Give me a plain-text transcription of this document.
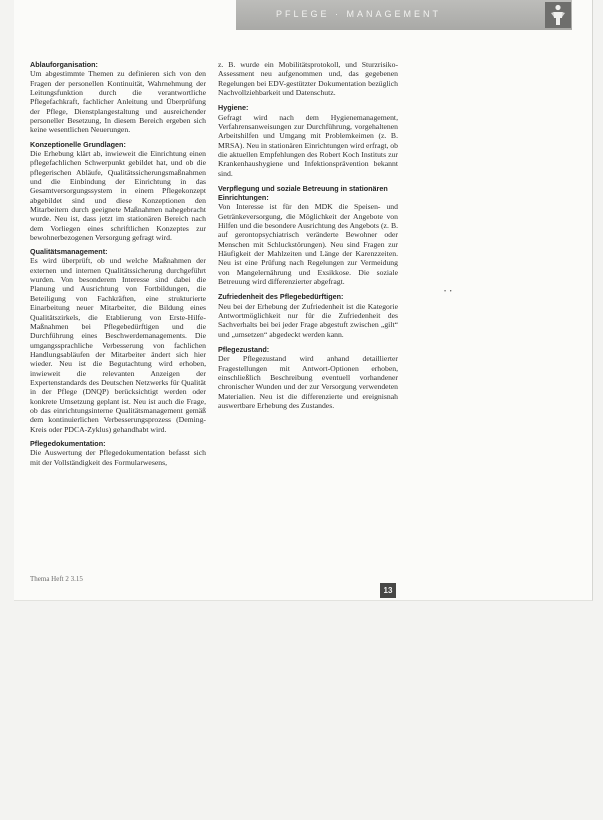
PFLEGE · MANAGEMENT
Ablauforganisation:

Um abgestimmte Themen zu definieren sich von den Fragen der personellen Kontinuität, Wahrnehmung der Leitungsfunktion durch die verantwortliche Pflegefachkraft, fachlicher Anleitung und Überprüfung der Pflege, Dienstplangestaltung und ausreichender personeller Besetzung, In diesem Bereich ergeben sich keine wesentlichen Neuerungen.

Konzeptionelle Grundlagen:

Die Erhebung klärt ab, inwieweit die Einrichtung einen pflegefachlichen Schwerpunkt gebildet hat, und ob die pflegerischen Abläufe, Qualitätssicherungsmaßnahmen und die Einbindung der Einrichtung in das Gesamtversorgungssystem in einem Pflegekonzept abgebildet sind und diese Konzeptionen den Mitarbeitern durch geeignete Maßnahmen nahegebracht wurde. Neu ist, dass jetzt im stationären Bereich nach dem Vorliegen eines schriftlichen Konzeptes zur bewohnerbezogenen Versorgung gefragt wird.

Qualitätsmanagement:

Es wird überprüft, ob und welche Maßnahmen der externen und internen Qualitätssicherung durchgeführt wurden. Von besonderem Interesse sind dabei die Planung und Ausrichtung von Fortbildungen, die Beteiligung von Fachkräften, eine strukturierte Einarbeitung neuer Mitarbeiter, die Bildung eines Qualitätszirkels, die Etablierung von Erste-Hilfe-Maßnahmen bei Pflegebedürftigen und die Durchführung eines Beschwerdemanagements. Die umgangssprachliche Verbesserung von fachlichen Handlungsabläufen der Mitarbeiter ändert sich hier wieder. Neu ist die Begutachtung wird erhoben, inwieweit die relevanten Anzeigen der Expertenstandards des Deutschen Netzwerks für Qualität in der Pflege (DNQP) berücksichtigt werden oder konkrete Umsetzung geplant ist. Neu ist auch die Frage, ob das einrichtungsinterne Qualitätsmanagement gemäß dem kontinuierlichen Verbesserungsprozess (Deming-Kreis oder PDCA-Zyklus) gehandhabt wird.

Pflegedokumentation:

Die Auswertung der Pflegedokumentation befasst sich mit der Vollständigkeit des Formularwesens,

z. B. wurde ein Mobilitätsprotokoll, und Sturzrisiko-Assessment neu aufgenommen und, das gegebenen Regelungen bei EDV-gestützter Dokumentation bezüglich Nachvollziehbarkeit und Datenschutz.

Hygiene:

Gefragt wird nach dem Hygienemanagement, Verfahrensanweisungen zur Durchführung, vorgehaltenen Arbeitshilfen und Umgang mit Problemkeimen (z. B. MRSA). Neu in stationären Einrichtungen wird erfragt, ob die aktuellen Empfehlungen des Robert Koch Instituts zur Krankenhaushygiene und Infektionsprävention bekannt sind.

Verpflegung und soziale Betreuung in stationären Einrichtungen:

Von Interesse ist für den MDK die Speisen- und Getränkeversorgung, die Möglichkeit der Angebote von Hilfen und die besondere Ausrichtung des Angebots (z. B. auf gerontopsychiatrisch veränderte Bewohner oder Menschen mit Schluckstörungen). Neu sind Fragen zur Häufigkeit der Mahlzeiten und Länge der Karenzzeiten. Neu ist eine Prüfung nach Regelungen zur Vermeidung von Mangelernährung und Exsikkose. Die soziale Betreuung wird differenzierter abgefragt.

Zufriedenheit des Pflegebedürftigen:

Neu bei der Erhebung der Zufriedenheit ist die Kategorie Antwortmöglichkeit nur für die Zufriedenheit des Sachverhalts bei bei jeder Frage abgestuft zwischen „gilt“ und „umsetzen“ abgedeckt werden kann.

Pflegezustand:

Der Pflegezustand wird anhand detaillierter Fragestellungen mit Antwort-Optionen erhoben, einschließlich Beschreibung eventuell vorhandener chronischer Wunden und der zur Versorgung verwendeten Materialien. Neu ist die differenzierte und ereignisnah auswertbare Erhebung des Zustandes.

Thema Heft 2 3.15
13
• •
